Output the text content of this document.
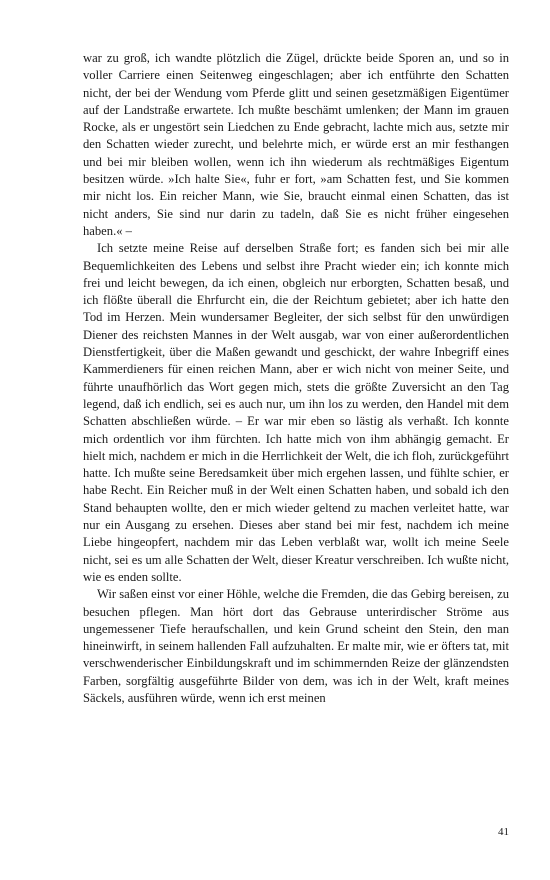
war zu groß, ich wandte plötzlich die Zügel, drückte beide Sporen an, und so in voller Carriere einen Seitenweg eingeschlagen; aber ich entführte den Schatten nicht, der bei der Wendung vom Pferde glitt und seinen gesetzmäßigen Eigentümer auf der Landstraße erwartete. Ich mußte beschämt umlenken; der Mann im grauen Rocke, als er ungestört sein Liedchen zu Ende gebracht, lachte mich aus, setzte mir den Schatten wieder zurecht, und belehrte mich, er würde erst an mir festhangen und bei mir bleiben wollen, wenn ich ihn wiederum als rechtmäßiges Eigentum besitzen würde. »Ich halte Sie«, fuhr er fort, »am Schatten fest, und Sie kommen mir nicht los. Ein reicher Mann, wie Sie, braucht einmal einen Schatten, das ist nicht anders, Sie sind nur darin zu tadeln, daß Sie es nicht früher eingesehen haben.« –

Ich setzte meine Reise auf derselben Straße fort; es fanden sich bei mir alle Bequemlichkeiten des Lebens und selbst ihre Pracht wieder ein; ich konnte mich frei und leicht bewegen, da ich einen, obgleich nur erborgten, Schatten besaß, und ich flößte überall die Ehrfurcht ein, die der Reichtum gebietet; aber ich hatte den Tod im Herzen. Mein wundersamer Begleiter, der sich selbst für den unwürdigen Diener des reichsten Mannes in der Welt ausgab, war von einer außerordentlichen Dienstfertigkeit, über die Maßen gewandt und geschickt, der wahre Inbegriff eines Kammerdieners für einen reichen Mann, aber er wich nicht von meiner Seite, und führte unaufhörlich das Wort gegen mich, stets die größte Zuversicht an den Tag legend, daß ich endlich, sei es auch nur, um ihn los zu werden, den Handel mit dem Schatten abschließen würde. – Er war mir eben so lästig als verhaßt. Ich konnte mich ordentlich vor ihm fürchten. Ich hatte mich von ihm abhängig gemacht. Er hielt mich, nachdem er mich in die Herrlichkeit der Welt, die ich floh, zurückgeführt hatte. Ich mußte seine Beredsamkeit über mich ergehen lassen, und fühlte schier, er habe Recht. Ein Reicher muß in der Welt einen Schatten haben, und sobald ich den Stand behaupten wollte, den er mich wieder geltend zu machen verleitet hatte, war nur ein Ausgang zu ersehen. Dieses aber stand bei mir fest, nachdem ich meine Liebe hingeopfert, nachdem mir das Leben verblaßt war, wollt ich meine Seele nicht, sei es um alle Schatten der Welt, dieser Kreatur verschreiben. Ich wußte nicht, wie es enden sollte.

Wir saßen einst vor einer Höhle, welche die Fremden, die das Gebirg bereisen, zu besuchen pflegen. Man hört dort das Gebrause unterirdischer Ströme aus ungemessener Tiefe heraufschallen, und kein Grund scheint den Stein, den man hineinwirft, in seinem hallenden Fall aufzuhalten. Er malte mir, wie er öfters tat, mit verschwenderischer Einbildungskraft und im schimmernden Reize der glänzendsten Farben, sorgfältig ausgeführte Bilder von dem, was ich in der Welt, kraft meines Säckels, ausführen würde, wenn ich erst meinen

41
